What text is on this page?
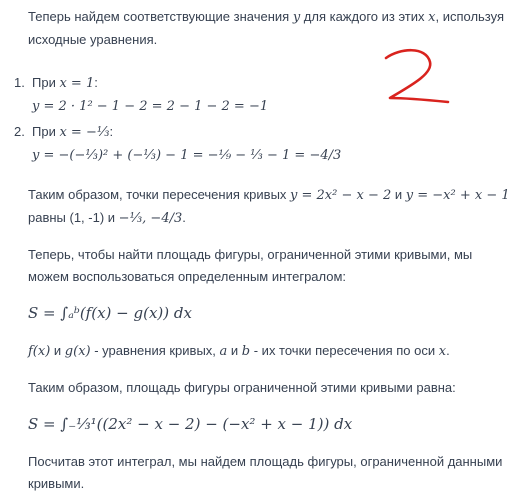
Теперь найдем соответствующие значения y для каждого из этих x, используя исходные уравнения.

1. При x = 1:
y = 2 · 1² − 1 − 2 = 2 − 1 − 2 = −1
2. При x = −⅓:
y = −(−⅓)² + (−⅓) − 1 = −⅑ − ⅓ − 1 = −4/3

Таким образом, точки пересечения кривых y = 2x² − x − 2 и y = −x² + x − 1 равны (1, -1) и −⅓, −4/3.

Теперь, чтобы найти площадь фигуры, ограниченной этими кривыми, мы можем воспользоваться определенным интегралом:

S = ∫ₐᵇ(f(x) − g(x)) dx

f(x) и g(x) - уравнения кривых, a и b - их точки пересечения по оси x.

Таким образом, площадь фигуры ограниченной этими кривыми равна:

S = ∫₋⅓¹((2x² − x − 2) − (−x² + x − 1)) dx

Посчитав этот интеграл, мы найдем площадь фигуры, ограниченной данными кривыми.
